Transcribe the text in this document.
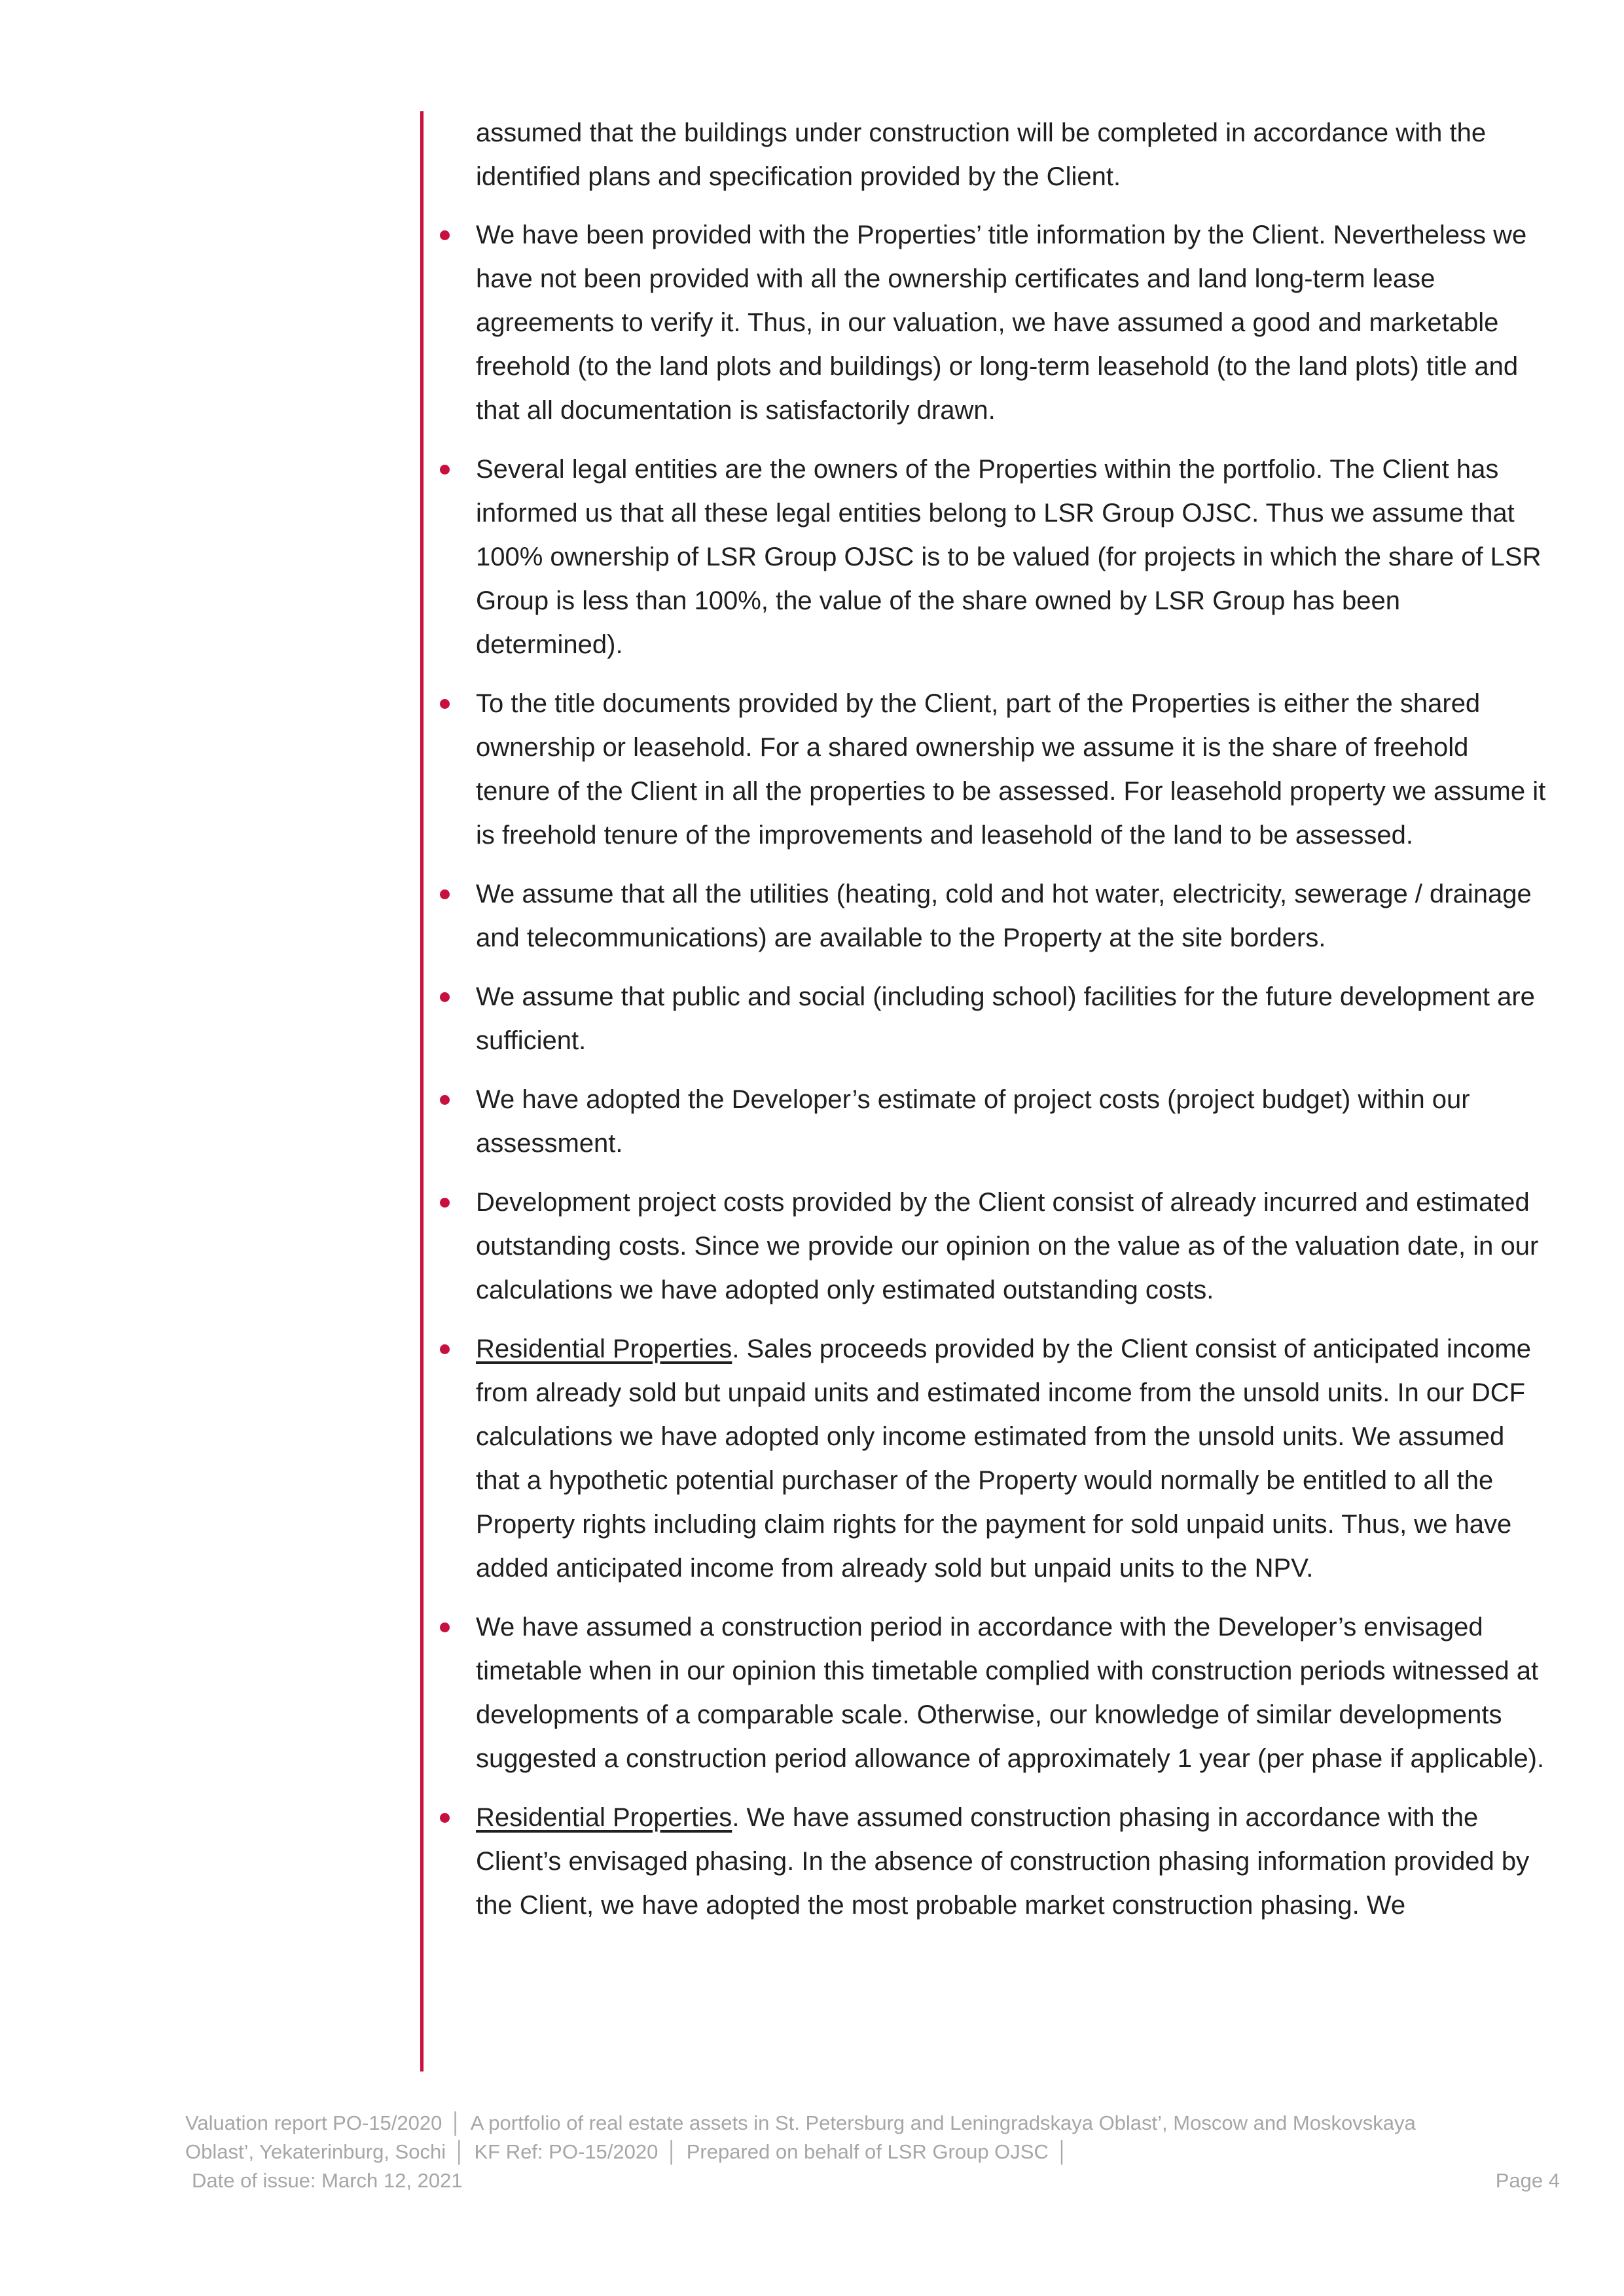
assumed that the buildings under construction will be completed in accordance with the identified plans and specification provided by the Client.

We have been provided with the Properties’ title information by the Client. Nevertheless we have not been provided with all the ownership certificates and land long-term lease agreements to verify it. Thus, in our valuation, we have assumed a good and marketable freehold (to the land plots and buildings) or long-term leasehold (to the land plots) title and that all documentation is satisfactorily drawn.
Several legal entities are the owners of the Properties within the portfolio. The Client has informed us that all these legal entities belong to LSR Group OJSC. Thus we assume that 100% ownership of LSR Group OJSC is to be valued (for projects in which the share of LSR Group is less than 100%, the value of the share owned by LSR Group has been determined).
To the title documents provided by the Client, part of the Properties is either the shared ownership or leasehold. For a shared ownership we assume it is the share of freehold tenure of the Client in all the properties to be assessed. For leasehold property we assume it is freehold tenure of the improvements and leasehold of the land to be assessed.
We assume that all the utilities (heating, cold and hot water, electricity, sewerage / drainage and telecommunications) are available to the Property at the site borders.
We assume that public and social (including school) facilities for the future development are sufficient.
We have adopted the Developer’s estimate of project costs (project budget) within our assessment.
Development project costs provided by the Client consist of already incurred and estimated outstanding costs. Since we provide our opinion on the value as of the valuation date, in our calculations we have adopted only estimated outstanding costs.
Residential Properties. Sales proceeds provided by the Client consist of anticipated income from already sold but unpaid units and estimated income from the unsold units. In our DCF calculations we have adopted only income estimated from the unsold units. We assumed that a hypothetic potential purchaser of the Property would normally be entitled to all the Property rights including claim rights for the payment for sold unpaid units. Thus, we have added anticipated income from already sold but unpaid units to the NPV.
We have assumed a construction period in accordance with the Developer’s envisaged timetable when in our opinion this timetable complied with construction periods witnessed at developments of a comparable scale. Otherwise, our knowledge of similar developments suggested a construction period allowance of approximately 1 year (per phase if applicable).
Residential Properties. We have assumed construction phasing in accordance with the Client’s envisaged phasing. In the absence of construction phasing information provided by the Client, we have adopted the most probable market construction phasing. We
Valuation report PO-15/2020 │ A portfolio of real estate assets in St. Petersburg and Leningradskaya Oblast’, Moscow and Moskovskaya
Oblast’, Yekaterinburg, Sochi │ KF Ref: PO-15/2020 │ Prepared on behalf of LSR Group OJSC │
Date of issue: March 12, 2021	Page 4
